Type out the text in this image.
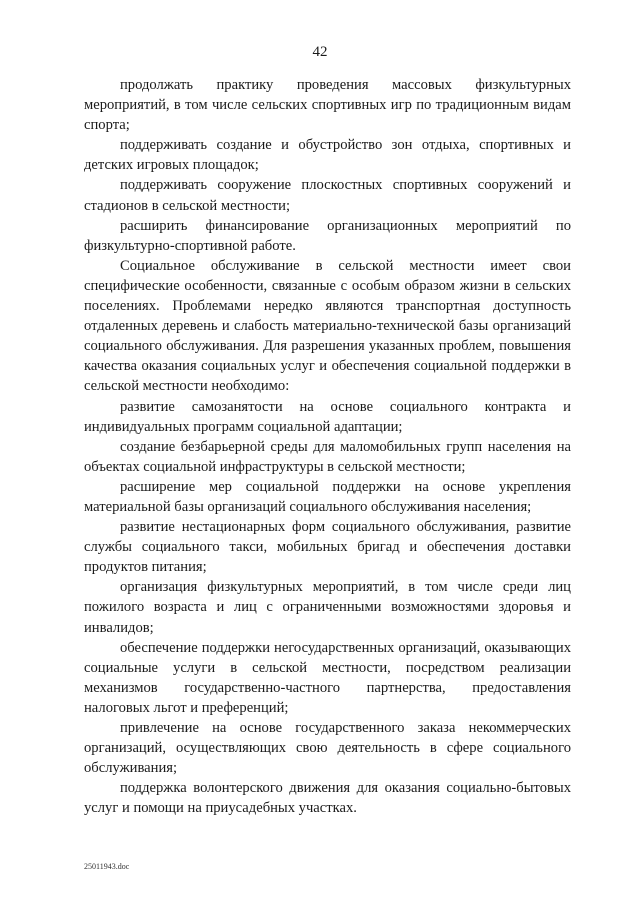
42

продолжать практику проведения массовых физкультурных мероприятий, в том числе сельских спортивных игр по традиционным видам спорта;

поддерживать создание и обустройство зон отдыха, спортивных и детских игровых площадок;

поддерживать сооружение плоскостных спортивных сооружений и стадионов в сельской местности;

расширить финансирование организационных мероприятий по физкультурно-спортивной работе.

Социальное обслуживание в сельской местности имеет свои специфические особенности, связанные с особым образом жизни в сельских поселениях. Проблемами нередко являются транспортная доступность отдаленных деревень и слабость материально-технической базы организаций социального обслуживания. Для разрешения указанных проблем, повышения качества оказания социальных услуг и обеспечения социальной поддержки в сельской местности необходимо:

развитие самозанятости на основе социального контракта и индивидуальных программ социальной адаптации;

создание безбарьерной среды для маломобильных групп населения на объектах социальной инфраструктуры в сельской местности;

расширение мер социальной поддержки на основе укрепления материальной базы организаций социального обслуживания населения;

развитие нестационарных форм социального обслуживания, развитие службы социального такси, мобильных бригад и обеспечения доставки продуктов питания;

организация физкультурных мероприятий, в том числе среди лиц пожилого возраста и лиц с ограниченными возможностями здоровья и инвалидов;

обеспечение поддержки негосударственных организаций, оказывающих социальные услуги в сельской местности, посредством реализации механизмов государственно-частного партнерства, предоставления налоговых льгот и преференций;

привлечение на основе государственного заказа некоммерческих организаций, осуществляющих свою деятельность в сфере социального обслуживания;

поддержка волонтерского движения для оказания социально-бытовых услуг и помощи на приусадебных участках.

25011943.doc
